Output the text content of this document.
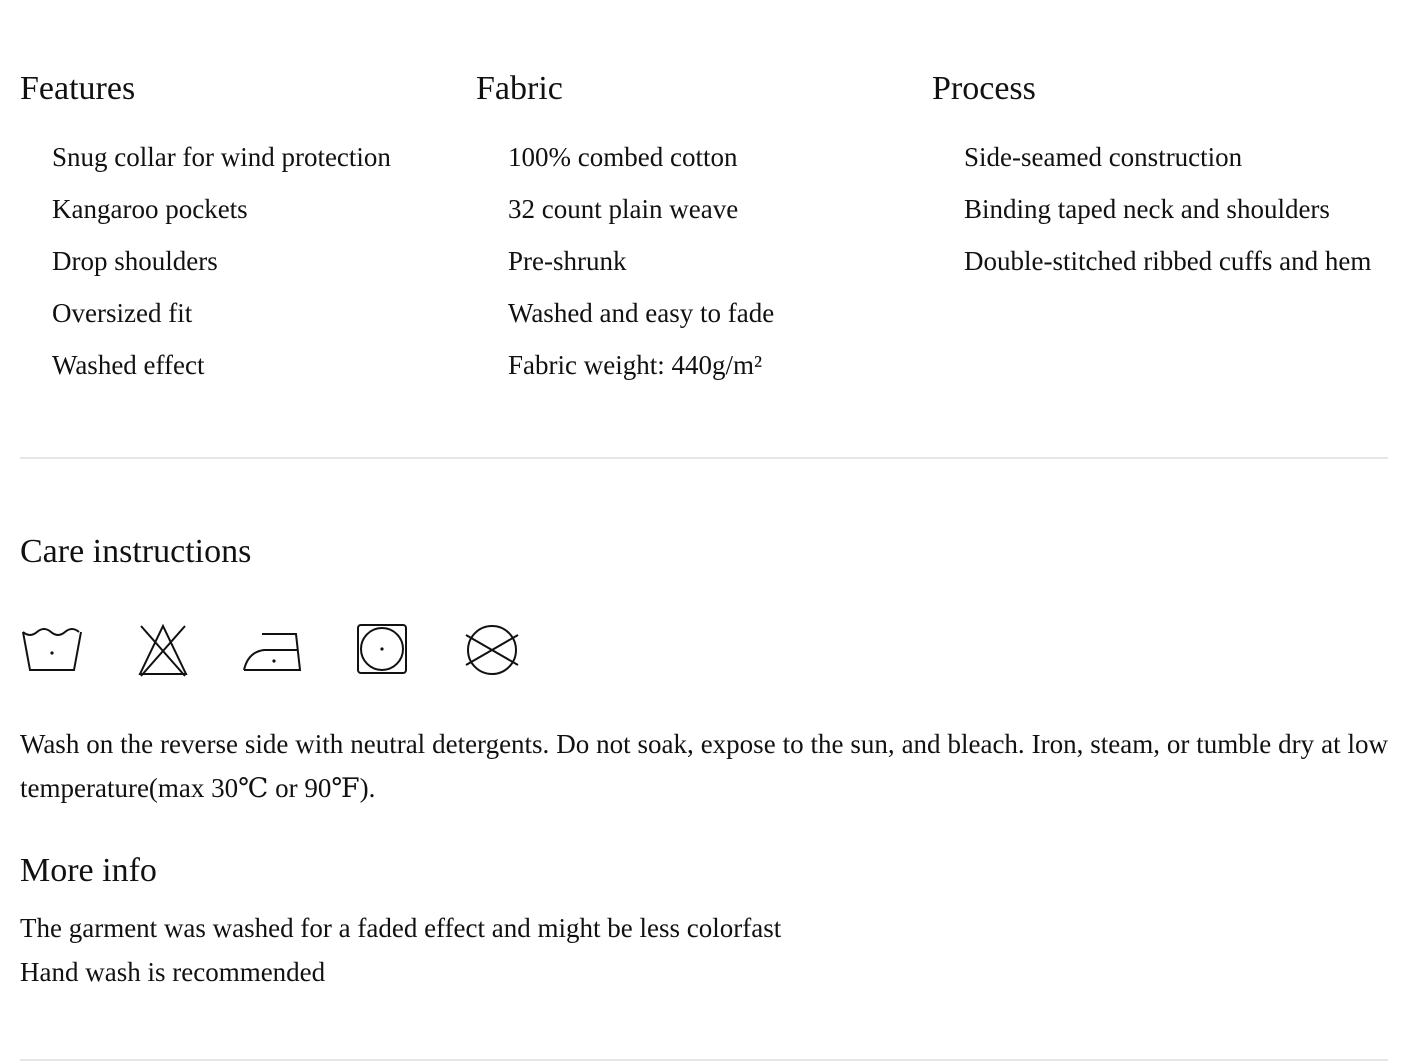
Features
Snug collar for wind protection
Kangaroo pockets
Drop shoulders
Oversized fit
Washed effect
Fabric
100% combed cotton
32 count plain weave
Pre-shrunk
Washed and easy to fade
Fabric weight: 440g/m²
Process
Side-seamed construction
Binding taped neck and shoulders
Double-stitched ribbed cuffs and hem
Care instructions

Wash on the reverse side with neutral detergents. Do not soak, expose to the sun, and bleach. Iron, steam, or tumble dry at low temperature(max 30℃ or 90℉).

More info
The garment was washed for a faded effect and might be less colorfast
Hand wash is recommended
